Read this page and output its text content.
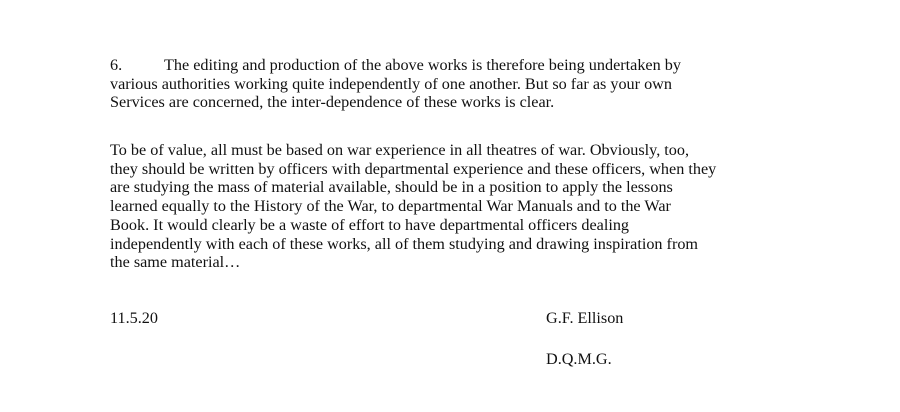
6.	The editing and production of the above works is therefore being undertaken by
various authorities working quite independently of one another. But so far as your own
Services are concerned, the inter-dependence of these works is clear.
To be of value, all must be based on war experience in all theatres of war. Obviously, too,
they should be written by officers with departmental experience and these officers, when they
are studying the mass of material available, should be in a position to apply the lessons
learned equally to the History of the War, to departmental War Manuals and to the War
Book. It would clearly be a waste of effort to have departmental officers dealing
independently with each of these works, all of them studying and drawing inspiration from
the same material…
11.5.20	G.F. Ellison
D.Q.M.G.
